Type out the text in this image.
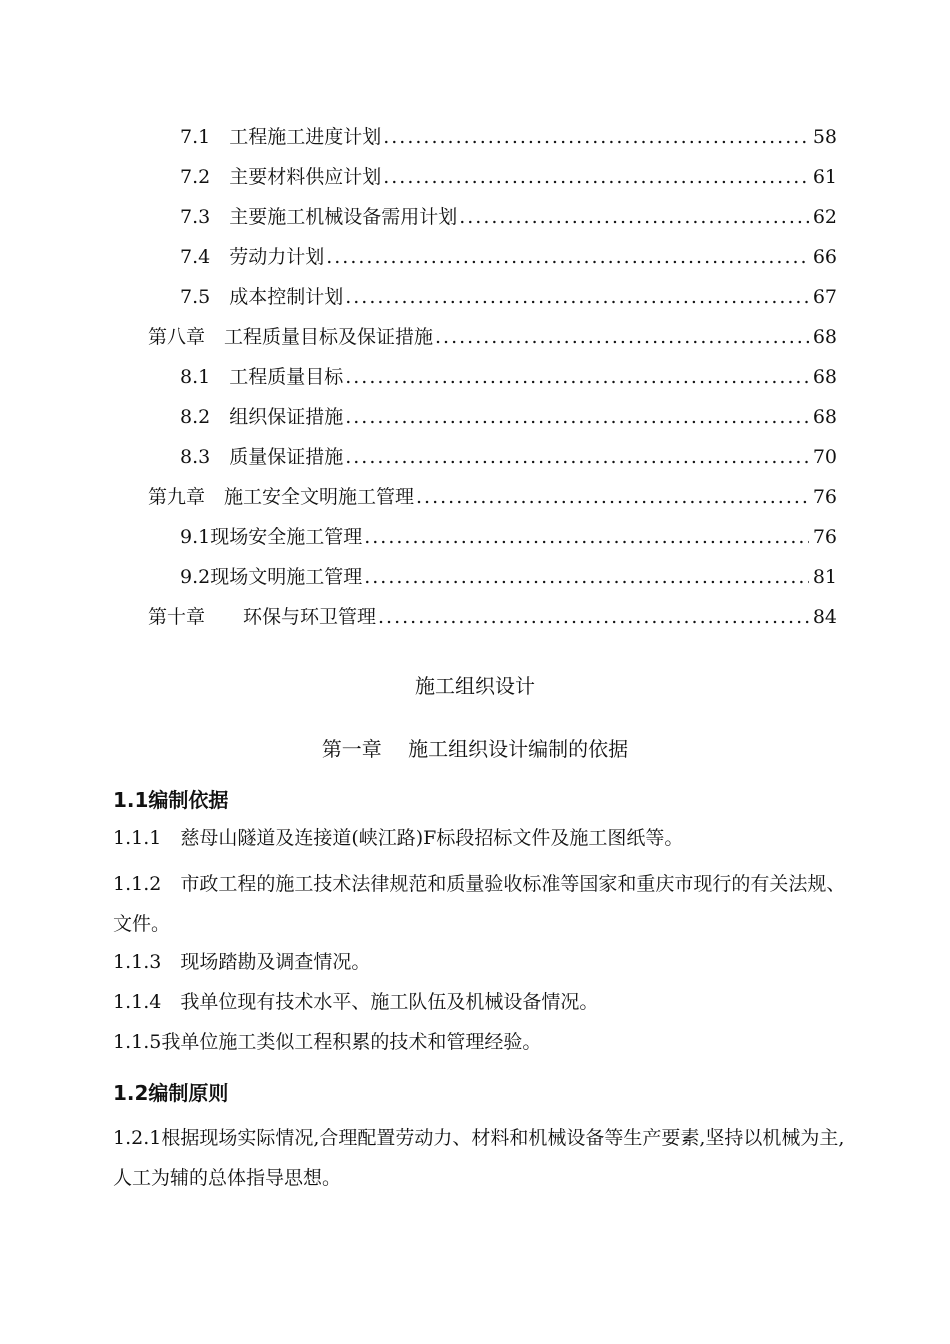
7.1　工程施工进度计划 .....	58
7.2　主要材料供应计划 .....	61
7.3　主要施工机械设备需用计划 .....	62
7.4　劳动力计划 .....	66
7.5　成本控制计划 .....	67
第八章　工程质量目标及保证措施 .....	68
8.1　工程质量目标 .....	68
8.2　组织保证措施 .....	68
8.3　质量保证措施 .....	70
第九章　施工安全文明施工管理 .....	76
9.1现场安全施工管理 .....	76
9.2现场文明施工管理 .....	81
第十章　　环保与环卫管理 .....	84
施工组织设计
第一章　 施工组织设计编制的依据
1.1编制依据
1.1.1　慈母山隧道及连接道(峡江路)F标段招标文件及施工图纸等。
1.1.2　市政工程的施工技术法律规范和质量验收标准等国家和重庆市现行的有关法规、文件。
1.1.3　现场踏勘及调查情况。
1.1.4　我单位现有技术水平、施工队伍及机械设备情况。
1.1.5我单位施工类似工程积累的技术和管理经验。
1.2编制原则
1.2.1根据现场实际情况,合理配置劳动力、材料和机械设备等生产要素,坚持以机械为主,人工为辅的总体指导思想。
